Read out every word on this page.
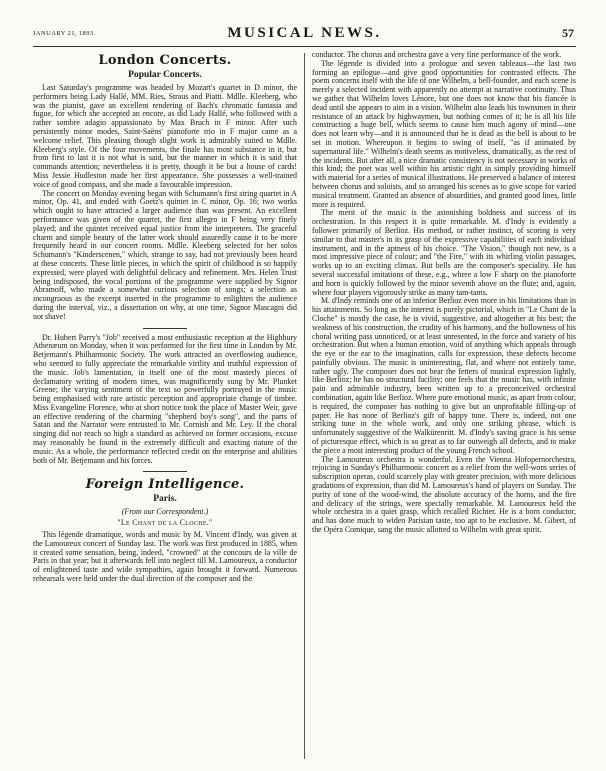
JANUARY 21, 1893.	MUSICAL NEWS.	57
London Concerts.
Popular Concerts.

Last Saturday's programme was headed by Mozart's quartet in D minor, the performers being Lady Hallé, MM. Ries, Straus and Piatti. Mdlle. Kleeberg, who was the pianist, gave an excellent rendering of Bach's chromatic fantasia and fugue, for which she accepted an encore, as did Lady Hallé, who followed with a rather sombre adagio appassionato by Max Bruch in F minor. After such persistently minor modes, Saint-Saëns' pianoforte trio in F major came as a welcome relief. This pleasing though slight work is admirably suited to Mdlle. Kleeberg's style. Of the four movements, the finale has most substance in it, but from first to last it is not what is said, but the manner in which it is said that commands attention; nevertheless it is pretty, though it be but a house of cards! Miss Jessie Hudleston made her first appearance. She possesses a well-trained voice of good compass, and she made a favourable impression.

The concert on Monday evening began with Schumann's first string quartet in A minor, Op. 41, and ended with Goetz's quintet in C minor, Op. 16; two works which ought to have attracted a larger audience than was present. An excellent performance was given of the quartet, the first allegro in F being very finely played; and the quintet received equal justice from the interpreters. The graceful charm and simple beauty of the latter work should assuredly cause it to be more frequently heard in our concert rooms. Mdlle. Kleeberg selected for her solos Schumann's "Kinderscenen," which, strange to say, had not previously been heard at these concerts. These little pieces, in which the spirit of childhood is so happily expressed, were played with delightful delicacy and refinement. Mrs. Helen Trust being indisposed, the vocal portions of the programme were supplied by Signor Abramoff, who made a somewhat curious selection of songs; a selection as incongruous as the excerpt inserted in the programme to enlighten the audience during the interval, viz., a dissertation on why, at one time, Signor Mascagni did not shave!

Dr. Hubert Parry's "Job" received a most enthusiastic reception at the Highbury Athenæum on Monday, when it was performed for the first time in London by Mr. Betjemann's Philharmonic Society. The work attracted an overflowing audience, who seemed to fully appreciate the remarkable virility and truthful expression of the music. Job's lamentation, in itself one of the most masterly pieces of declamatory writing of modern times, was magnificently sung by Mr. Plunket Greene; the varying sentiment of the text so powerfully portrayed in the music being emphasised with rare artistic perception and appropriate change of timbre. Miss Evangeline Florence, who at short notice took the place of Master Weir, gave an effective rendering of the charming "shepherd boy's song", and the parts of Satan and the Narrator were entrusted to Mr. Cornish and Mr. Ley. If the choral singing did not reach so high a standard as achieved on former occasions, excuse may reasonably be found in the extremely difficult and exacting nature of the music. As a whole, the performance reflected credit on the enterprise and abilities both of Mr. Betjemann and his forces.

Foreign Intelligence.
Paris.
(From our Correspondent.)
"Le Chant de la Cloche."

This légende dramatique, words and music by M. Vincent d'Indy, was given at the Lamoureux concert of Sunday last. The work was first produced in 1885, when it created some sensation, being, indeed, "crowned" at the concours de la ville de Paris in that year; but it afterwards fell into neglect till M. Lamoureux, a conductor of enlightened taste and wide sympathies, again brought it forward. Numerous rehearsals were held under the dual direction of the composer and the

conductor. The chorus and orchestra gave a very fine performance of the work.

The légende is divided into a prologue and seven tableaux—the last two forming an epilogue—and give good opportunities for contrasted effects. The poem concerns itself with the life of one Wilhelm, a bell-founder, and each scene is merely a selected incident with apparently no attempt at narrative continuity. Thus we gather that Wilhelm loves Lénore, but one does not know that his fiancée is dead until she appears to aim in a vision. Wilhelm also leads his townsmen in their resistance of an attack by highwaymen, but nothing comes of it; he is all his life constructing a huge bell, which seems to cause him much agony of mind—one does not learn why—and it is announced that he is dead as the bell is about to be set in motion. Whereupon it begins to swing of itself, "as if animated by supernatural life." Wilhelm's death seems as motiveless, dramatically, as the rest of the incidents. But after all, a nice dramatic consistency is not necessary in works of this kind; the poet was well within his artistic right in simply providing himself with material for a series of musical illustrations. He preserved a balance of interest between chorus and soloists, and so arranged his scenes as to give scope for varied musical treatment. Granted an absence of absurdities, and granted good lines, little more is required.

The merit of the music is the astonishing boldness and success of its orchestration. In this respect it is quite remarkable. M. d'Indy is evidently a follower primarily of Berlioz. His method, or rather instinct, of scoring is very similar to that master's in its grasp of the expressive capabilities of each individual instrument, and in the aptness of his choice. "The Vision," though not new, is a most impressive piece of colour; and "the Fire," with its whirling violin passages, works up to an exciting climax. But bells are the composer's speciality. He has several successful imitations of these, e.g., where a low F sharp on the pianoforte and horn is quickly followed by the minor seventh above on the flute; and, again, where four players vigorously strike as many tam-tams.

M. d'Indy reminds one of an inferior Berlioz even more in his limitations than in his attainments. So long as the interest is purely pictorial, which in "Le Chant de la Cloche" is mostly the case, he is vivid, suggestive, and altogether at his best; the weakness of his construction, the crudity of his harmony, and the hollowness of his choral writing pass unnoticed, or at least unresented, in the force and variety of his orchestration. But when a human emotion, void of anything which appeals through the eye or the ear to the imagination, calls for expression, these defects become painfully obvious. The music is uninteresting, flat, and where not entirely tame, rather ugly. The composer does not bear the fetters of musical expression lightly, like Berlioz; he has no structural facility; one feels that the music has, with infinite pain and admirable industry, been written up to a preconceived orchestral combination, again like Berlioz. Where pure emotional music, as apart from colour, is required, the composer has nothing to give but an unprofitable filling-up of paper. He has none of Berlioz's gift of happy tune. There is, indeed, not one striking tune in the whole work, and only one striking phrase, which is unfortunately suggestive of the Walkürenritt. M. d'Indy's saving grace is his sense of picturesque effect, which is so great as to far outweigh all defects, and to make the piece a most interesting product of the young French school.

The Lamoureux orchestra is wonderful. Even the Vienna Hofopernorchestra, rejoicing in Sunday's Philharmonic concert as a relief from the well-worn series of subscription operas, could scarcely play with greater precision, with more delicious gradations of expression, than did M. Lamoureux's band of players on Sunday. The purity of tone of the wood-wind, the absolute accuracy of the horns, and the fire and delicacy of the strings, were specially remarkable. M. Lamoureux held the whole orchestra in a quiet grasp, which recalled Richter. He is a born conductor, and has done much to widen Parisian taste, too apt to be exclusive. M. Gibert, of the Opéra Comique, sang the music allotted to Wilhelm with great spirit.
